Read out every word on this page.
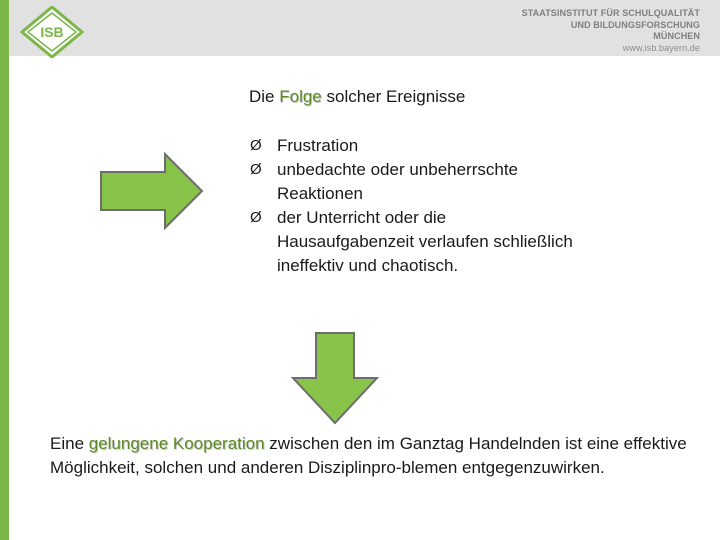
ISB
STAATSINSTITUT FÜR SCHULQUALITÄT
UND BILDUNGSFORSCHUNG
MÜNCHEN
www.isb.bayern.de
Die Folge solcher Ereignisse
Ø Frustration
Ø unbedachte oder unbeherrschte Reaktionen
Ø der Unterricht oder die Hausaufgabenzeit verlaufen schließlich ineffektiv und chaotisch.
Eine gelungene Kooperation zwischen den im Ganztag Handelnden ist eine effektive Möglichkeit, solchen und anderen Disziplinpro-blemen entgegenzuwirken.
